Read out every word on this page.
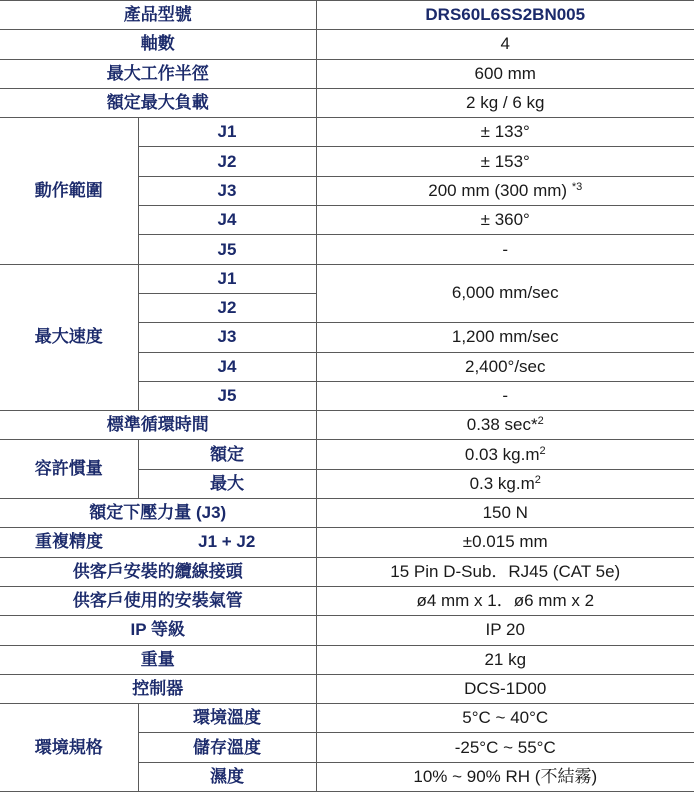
產品型號		DRS60L6SS2BN005
軸數		4
最大工作半徑		600 mm
額定最大負載		2 kg / 6 kg
動作範圍	J1	± 133°
	J2	± 153°
	J3	200 mm (300 mm) $^{*3}$
	J4	± 360°
	J5	-
最大速度	J1	6,000 mm/sec
	J2	
	J3	1,200 mm/sec
	J4	2,400°/sec
	J5	-
標準循環時間		0.38 sec*$^2$
容許慣量	額定	0.03 $kg.m^2$
	最大	0.3 $kg.m^2$
額定下壓力量 (J3)		150 N
重複精度	J1 + J2	±0.015 mm
供客戶安裝的纜線接頭		15 Pin D-Sub．RJ45 (CAT 5e)
供客戶使用的安裝氣管		ø4 mm x 1．ø6 mm x 2
IP 等級		IP 20
重量		21 kg
控制器		DCS-1D00
環境規格	環境溫度	5°C ~ 40°C
	儲存溫度	-25°C ~ 55°C
	濕度	10% ~ 90% RH (不結霧)
